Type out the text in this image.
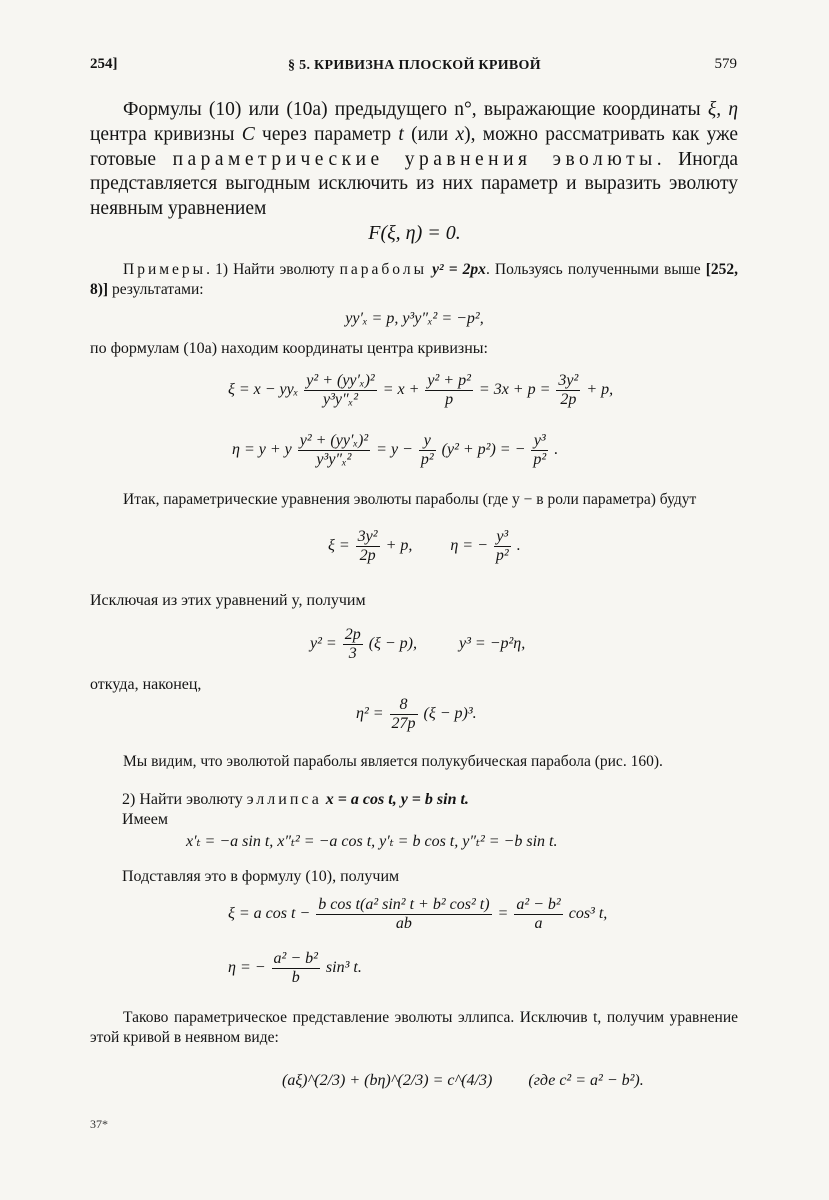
254]	§ 5. КРИВИЗНА ПЛОСКОЙ КРИВОЙ	579
Формулы (10) или (10а) предыдущего n°, выражающие координаты ξ, η центра кривизны C через параметр t (или x), можно рассматривать как уже готовые параметрические уравнения эволюты. Иногда представляется выгодным исключить из них параметр и выразить эволюту неявным уравнением
F(ξ, η) = 0.
Примеры. 1) Найти эволюту параболы y² = 2px. Пользуясь полученными выше [252, 8)] результатами:
yy′ₓ = p, y³y″ₓ² = −p²,
по формулам (10а) находим координаты центра кривизны:
ξ = x − yyₓ $\frac{\text{y² + (yy′ₓ)²}}{\text{y³y″ₓ²}} = x + \frac{\text{y² + p²}}{p} = 3x + p = \frac{\text{3y²}}{2p} + p$,
η = y + y $\frac{\text{y² + (yy′ₓ)²}}{\text{y³y″ₓ²}} = y - \frac{y}{\text{p²}} (y^2 + p^2)$ = − $\frac{\text{y³}}{\text{p²}}$ .
Итак, параметрические уравнения эволюты параболы (где y − в роли параметра) будут
$\xi = \frac{\text{3y²}}{2p} + p$, η = − $\frac{\text{y³}}{\text{p²}}$ .
Исключая из этих уравнений y, получим
$y^2 = \frac{2p}{3} (\xi - p)$,	y³ = −p²η,
откуда, наконец,
$\eta^2 = \frac{8}{27p} (\xi - p)^3$.
Мы видим, что эволютой параболы является полукубическая парабола (рис. 160).
2) Найти эволюту эллипса x = a cos t, y = b sin t.
Имеем
x′ₜ = −a sin t, x″ₜ² = −a cos t, y′ₜ = b cos t, y″ₜ² = −b sin t.
Подставляя это в формулу (10), получим
ξ = a $\cos t - \frac{\text{b cos t(a² sin² t + b² cos² t)}}{ab} = \frac{\text{a² − b²}}{a} \cos^3$ t,
η = − $\frac{\text{a² − b²}}{b} \sin^3$ t.
Таково параметрическое представление эволюты эллипса. Исключив t, получим уравнение этой кривой в неявном виде:
(aξ)^(2/3) + (bη)^(2/3) = c^(4/3) (где c² = a² − b²).
37*
